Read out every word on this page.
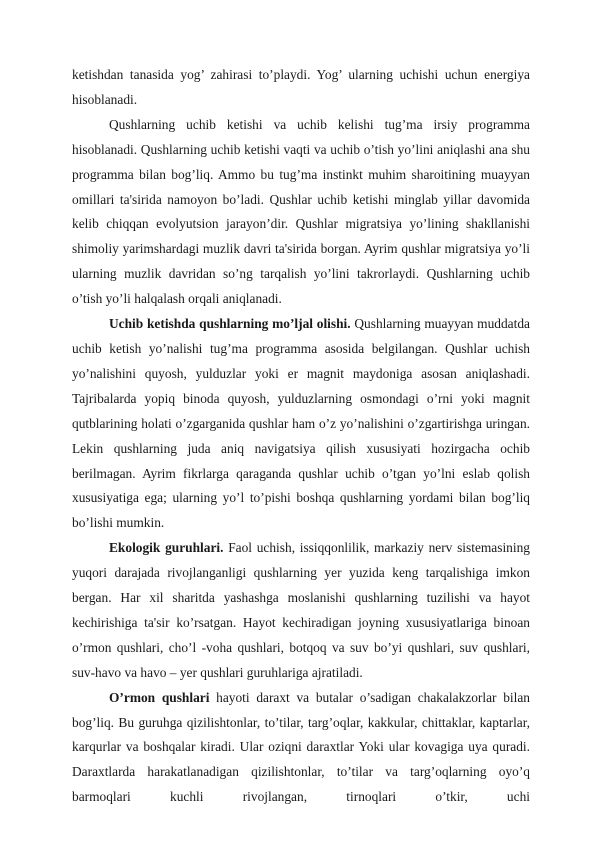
ketishdan tanasida yog’ zahirasi to’playdi. Yog’ ularning uchishi uchun energiya hisoblanadi.

Qushlarning uchib ketishi va uchib kelishi tug’ma irsiy programma hisoblanadi. Qushlarning uchib ketishi vaqti va uchib o’tish yo’lini aniqlashi ana shu programma bilan bog’liq. Ammo bu tug’ma instinkt muhim sharoitining muayyan omillari ta'sirida namoyon bo’ladi. Qushlar uchib ketishi minglab yillar davomida kelib chiqqan evolyutsion jarayon’dir. Qushlar migratsiya yo’lining shakllanishi shimoliy yarimshardagi muzlik davri ta'sirida borgan. Ayrim qushlar migratsiya yo’li ularning muzlik davridan so’ng tarqalish yo’lini takrorlaydi. Qushlarning uchib o’tish yo’li halqalash orqali aniqlanadi.

Uchib ketishda qushlarning mo’ljal olishi. Qushlarning muayyan muddatda uchib ketish yo’nalishi tug’ma programma asosida belgilangan. Qushlar uchish yo’nalishini quyosh, yulduzlar yoki er magnit maydoniga asosan aniqlashadi. Tajribalarda yopiq binoda quyosh, yulduzlarning osmondagi o’rni yoki magnit qutblarining holati o’zgarganida qushlar ham o’z yo’nalishini o’zgartirishga uringan. Lekin qushlarning juda aniq navigatsiya qilish xususiyati hozirgacha ochib berilmagan. Ayrim fikrlarga qaraganda qushlar uchib o’tgan yo’lni eslab qolish xususiyatiga ega; ularning yo’l to’pishi boshqa qushlarning yordami bilan bog’liq bo’lishi mumkin.

Ekologik guruhlari. Faol uchish, issiqqonlilik, markaziy nerv sistemasining yuqori darajada rivojlanganligi qushlarning yer yuzida keng tarqalishiga imkon bergan. Har xil sharitda yashashga moslanishi qushlarning tuzilishi va hayot kechirishiga ta'sir ko’rsatgan. Hayot kechiradigan joyning xususiyatlariga binoan o’rmon qushlari, cho’l -voha qushlari, botqoq va suv bo’yi qushlari, suv qushlari, suv-havo va havo – yer qushlari guruhlariga ajratiladi.

O’rmon qushlari hayoti daraxt va butalar o’sadigan chakalakzorlar bilan bog’liq. Bu guruhga qizilishtonlar, to’tilar, targ’oqlar, kakkular, chittaklar, kaptarlar, karqurlar va boshqalar kiradi. Ular oziqni daraxtlar Yoki ular kovagiga uya quradi. Daraxtlarda harakatlanadigan qizilishtonlar, to’tilar va targ’oqlarning oyo’q barmoqlari kuchli rivojlangan, tirnoqlari o’tkir, uchi
